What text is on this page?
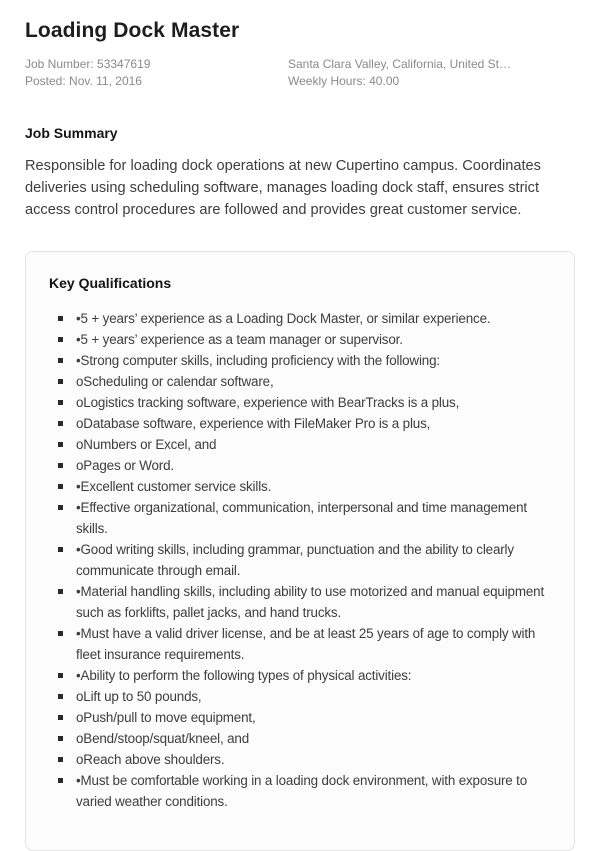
Loading Dock Master
Job Number: 53347619
Posted: Nov. 11, 2016
Santa Clara Valley, California, United St…
Weekly Hours: 40.00
Job Summary

Responsible for loading dock operations at new Cupertino campus. Coordinates deliveries using scheduling software, manages loading dock staff, ensures strict access control procedures are followed and provides great customer service.

Key Qualifications
•5 + years’ experience as a Loading Dock Master, or similar experience.
•5 + years’ experience as a team manager or supervisor.
•Strong computer skills, including proficiency with the following:
oScheduling or calendar software,
oLogistics tracking software, experience with BearTracks is a plus,
oDatabase software, experience with FileMaker Pro is a plus,
oNumbers or Excel, and
oPages or Word.
•Excellent customer service skills.
•Effective organizational, communication, interpersonal and time management skills.
•Good writing skills, including grammar, punctuation and the ability to clearly communicate through email.
•Material handling skills, including ability to use motorized and manual equipment such as forklifts, pallet jacks, and hand trucks.
•Must have a valid driver license, and be at least 25 years of age to comply with fleet insurance requirements.
•Ability to perform the following types of physical activities:
oLift up to 50 pounds,
oPush/pull to move equipment,
oBend/stoop/squat/kneel, and
oReach above shoulders.
•Must be comfortable working in a loading dock environment, with exposure to varied weather conditions.
